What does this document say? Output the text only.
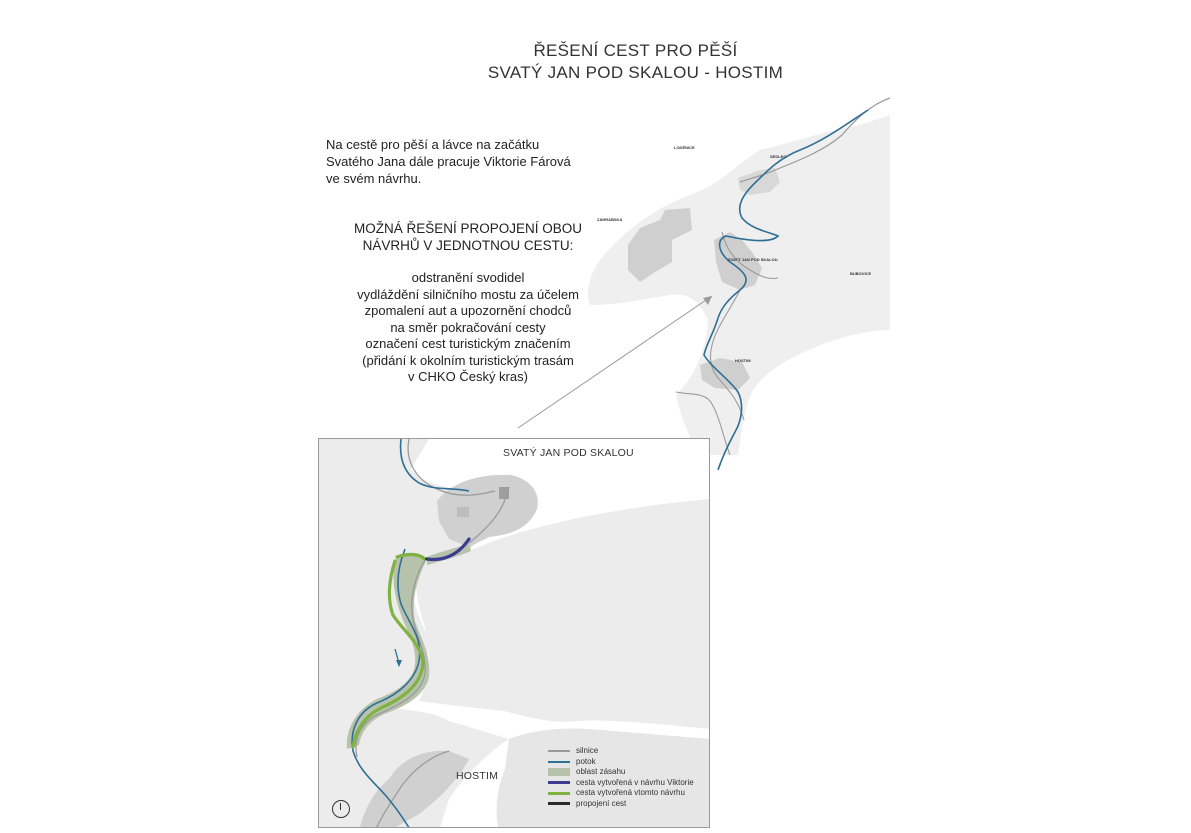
ŘEŠENÍ CEST PRO PĚŠÍ
SVATÝ JAN POD SKALOU - HOSTIM
Na cestě pro pěší a lávce na začátku
Svatého Jana dále pracuje Viktorie Fárová
ve svém návrhu.
MOŽNÁ ŘEŠENÍ PROPOJENÍ OBOU
NÁVRHŮ V JEDNOTNOU CESTU:
odstranění svodidel
vydláždění silničního mostu za účelem
zpomalení aut a upozornění chodců
na směr pokračování cesty
označení cest turistickým značením
(přidání k okolním turistickým trasám
v CHKO Český kras)
LODĚNICE
SEDLEC
ZÁHRABSKÁ
SVATÝ JAN POD SKALOU
BUBOVICE
HOSTIM
SVATÝ JAN POD SKALOU
HOSTIM
silnice
potok
oblast zásahu
cesta vytvořená v návrhu Viktorie
cesta vytvořená vtomto návrhu
propojení cest
